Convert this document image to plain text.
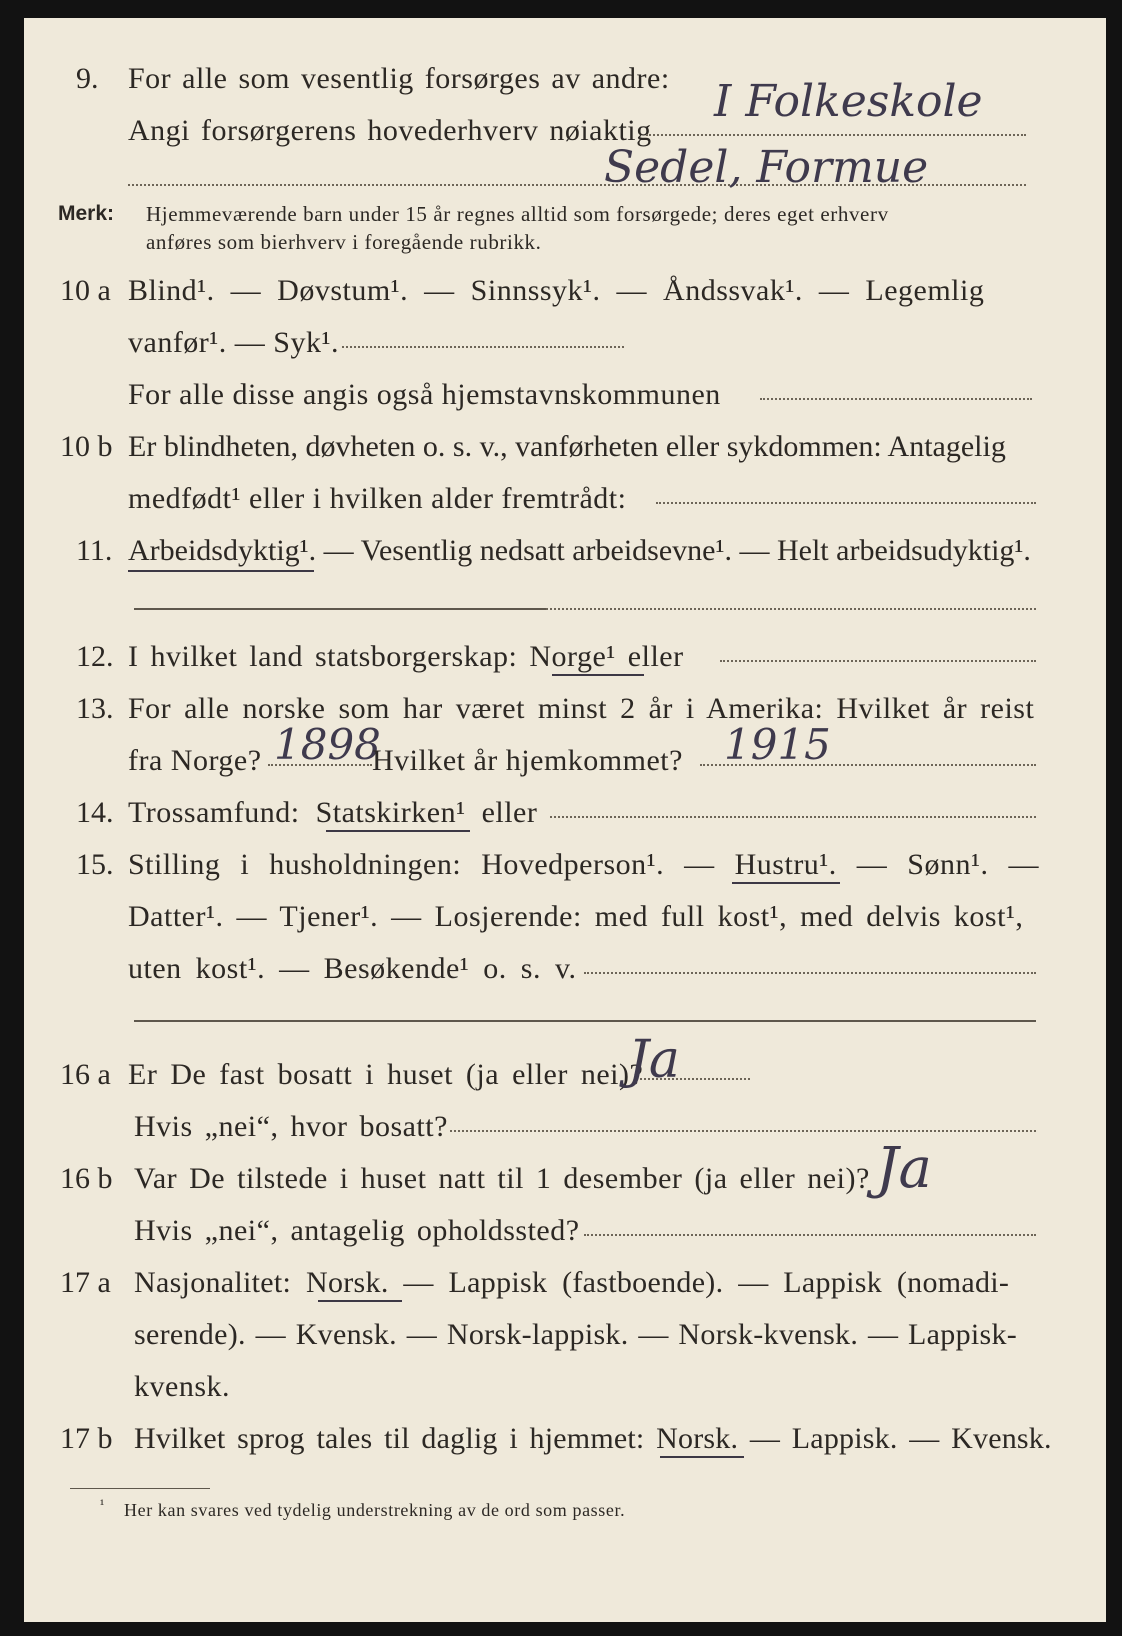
9. For alle som vesentlig forsørges av andre:
Angi forsørgerens hovederhverv nøiaktig
I Folkeskole
Sedel, Formue
Merk: Hjemmeværende barn under 15 år regnes alltid som forsørgede; deres eget erhverv
anføres som bierhverv i foregående rubrikk.
10 a Blind¹. — Døvstum¹. — Sinnssyk¹. — Åndssvak¹. — Legemlig
vanfør¹. — Syk¹.
For alle disse angis også hjemstavnskommunen
10 b Er blindheten, døvheten o. s. v., vanførheten eller sykdommen: Antagelig
medfødt¹ eller i hvilken alder fremtrådt:
11. Arbeidsdyktig¹. — Vesentlig nedsatt arbeidsevne¹. — Helt arbeidsudyktig¹.
12. I hvilket land statsborgerskap: Norge¹ eller
13. For alle norske som har været minst 2 år i Amerika: Hvilket år reist
fra Norge? 1898
Hvilket år hjemkommet? 1915
14. Trossamfund: Statskirken¹ eller
15. Stilling i husholdningen: Hovedperson¹. — Hustru¹. — Sønn¹. —
Datter¹. — Tjener¹. — Losjerende: med full kost¹, med delvis kost¹,
uten kost¹. — Besøkende¹ o. s. v.
16 a Er De fast bosatt i huset (ja eller nei)?
Ja
Hvis „nei“, hvor bosatt?
16 b Var De tilstede i huset natt til 1 desember (ja eller nei)? Ja
Hvis „nei“, antagelig opholdssted?
17 a Nasjonalitet: Norsk. — Lappisk (fastboende). — Lappisk (nomadi-
serende). — Kvensk. — Norsk-lappisk. — Norsk-kvensk. — Lappisk-
kvensk.
17 b Hvilket sprog tales til daglig i hjemmet: Norsk. — Lappisk. — Kvensk.
¹ Her kan svares ved tydelig understrekning av de ord som passer.
